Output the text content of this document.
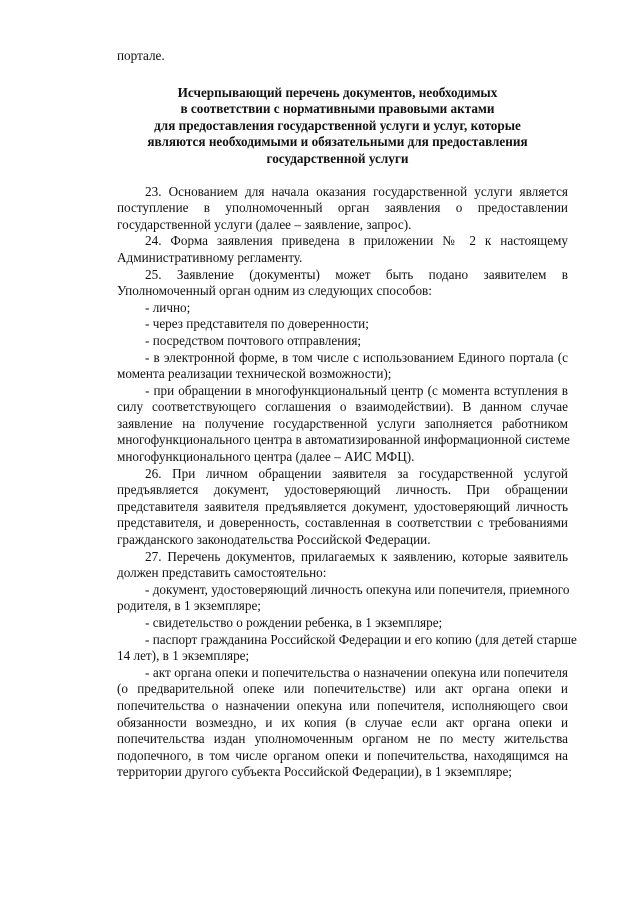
порталe.
Исчерпывающий перечень документов, необходимых
в соответствии с нормативными правовыми актами
для предоставления государственной услуги и услуг, которые
являются необходимыми и обязательными для предоставления
государственной услуги
23. Основанием для начала оказания государственной услуги является
поступление в уполномоченный орган заявления о предоставлении
государственной услуги (далее – заявление, запрос).
24. Форма заявления приведена в приложении № 2 к настоящему
Административному регламенту.
25. Заявление (документы) может быть подано заявителем в
Уполномоченный орган одним из следующих способов:
- лично;
- через представителя по доверенности;
- посредством почтового отправления;
- в электронной форме, в том числе с использованием Единого портала (с
момента реализации технической возможности);
- при обращении в многофункциональный центр (с момента вступления в
силу соответствующего соглашения о взаимодействии). В данном случае
заявление на получение государственной услуги заполняется работником
многофункционального центра в автоматизированной информационной системе
многофункционального центра (далее – АИС МФЦ).
26. При личном обращении заявителя за государственной услугой
предъявляется документ, удостоверяющий личность. При обращении
представителя заявителя предъявляется документ, удостоверяющий личность
представителя, и доверенность, составленная в соответствии с требованиями
гражданского законодательства Российской Федерации.
27. Перечень документов, прилагаемых к заявлению, которые заявитель
должен представить самостоятельно:
- документ, удостоверяющий личность опекуна или попечителя, приемного
родителя, в 1 экземпляре;
- свидетельство о рождении ребенка, в 1 экземпляре;
- паспорт гражданина Российской Федерации и его копию (для детей старше
14 лет), в 1 экземпляре;
- акт органа опеки и попечительства о назначении опекуна или попечителя
(о предварительной опеке или попечительстве) или акт органа опеки и
попечительства о назначении опекуна или попечителя, исполняющего свои
обязанности возмездно, и их копия (в случае если акт органа опеки и
попечительства издан уполномоченным органом не по месту жительства
подопечного, в том числе органом опеки и попечительства, находящимся на
территории другого субъекта Российской Федерации), в 1 экземпляре;
